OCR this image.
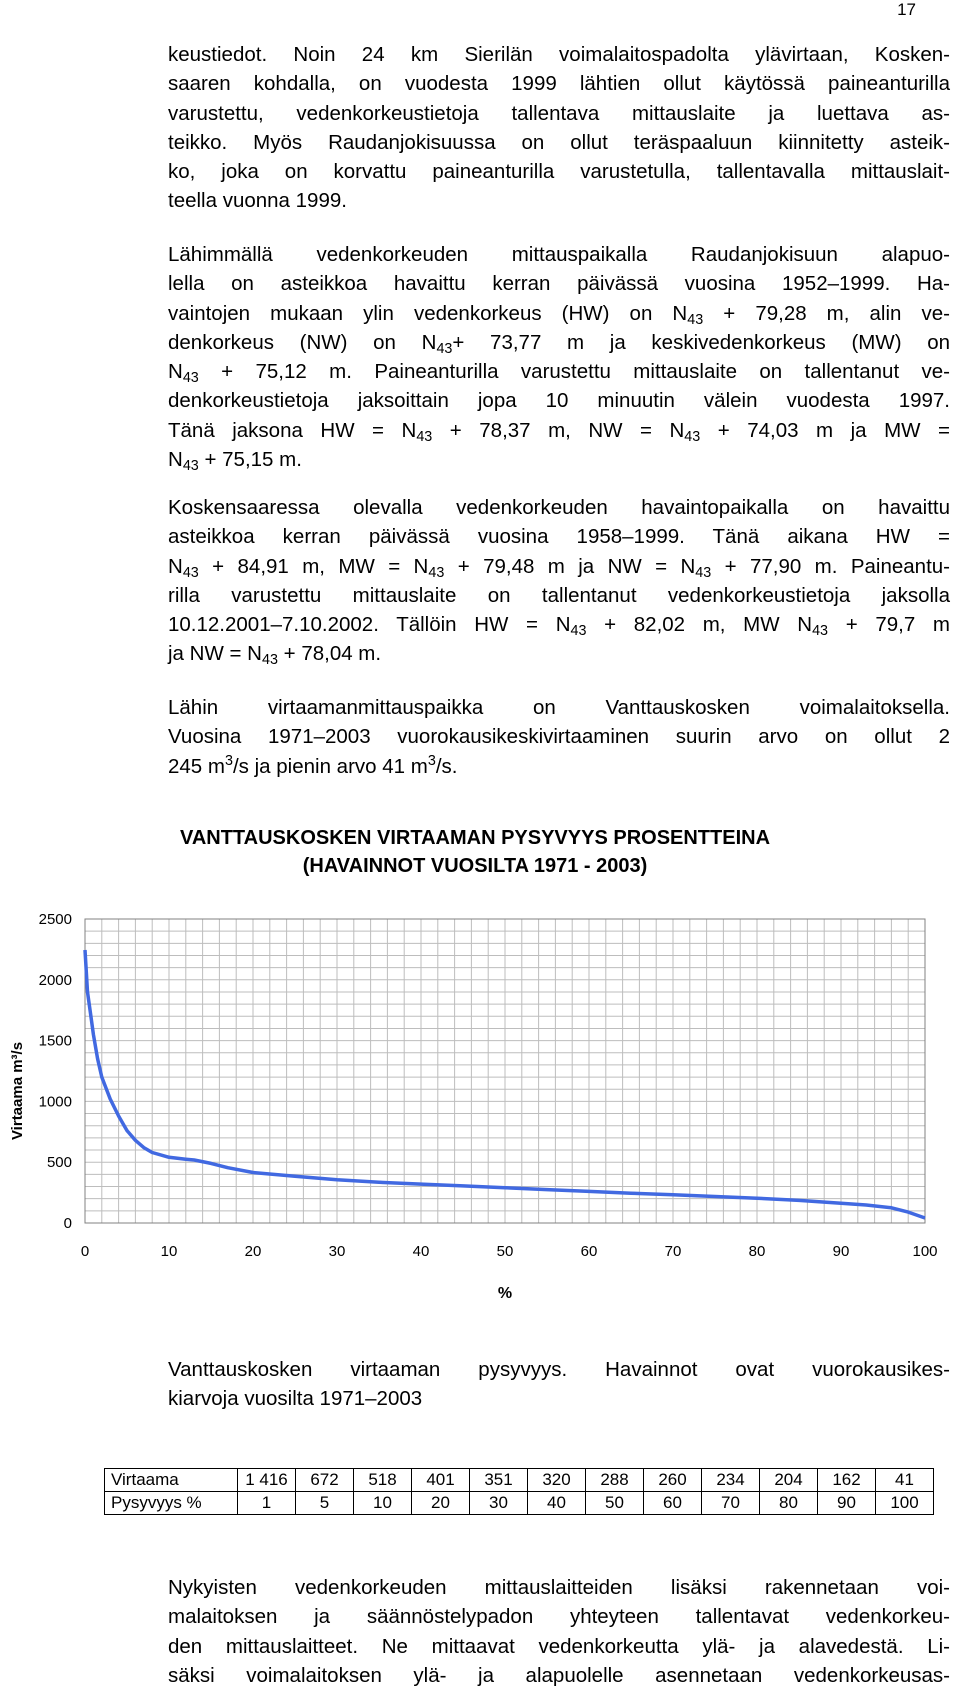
17
keustiedot. Noin 24 km Sierilän voimalaitospadolta ylävirtaan, Kosken-
saaren kohdalla, on vuodesta 1999 lähtien ollut käytössä paineanturilla
varustettu, vedenkorkeustietoja tallentava mittauslaite ja luettava as-
teikko. Myös Raudanjokisuussa on ollut teräspaaluun kiinnitetty asteik-
ko, joka on korvattu paineanturilla varustetulla, tallentavalla mittauslait-
teella vuonna 1999.
Lähimmällä vedenkorkeuden mittauspaikalla Raudanjokisuun alapuo-
lella on asteikkoa havaittu kerran päivässä vuosina 1952–1999. Ha-
vaintojen mukaan ylin vedenkorkeus (HW) on $N_{43} + 79,28$ m, alin ve-
denkorkeus (NW) on $N_{43}+ 73,77$ m ja keskivedenkorkeus (MW) on
$N_{43} + 75,12$ m. Paineanturilla varustettu mittauslaite on tallentanut ve-
denkorkeustietoja jaksoittain jopa 10 minuutin välein vuodesta 1997.
Tänä jaksona HW = $N_{43} + 78,37$ m, NW = $N_{43} + 74,03$ m ja MW =
$N_{43} + 75,15$ m.
Koskensaaressa olevalla vedenkorkeuden havaintopaikalla on havaittu
asteikkoa kerran päivässä vuosina 1958–1999. Tänä aikana HW =
$N_{43} + 84,91$ m, MW = $N_{43} + 79,48$ m ja NW = $N_{43} + 77,90$ m. Paineantu-
rilla varustettu mittauslaite on tallentanut vedenkorkeustietoja jaksolla
10.12.2001–7.10.2002. Tällöin HW = $N_{43} + 82,02$ m, MW $N_{43} + 79,7$ m
ja NW = $N_{43} + 78,04$ m.
Lähin virtaamanmittauspaikka on Vanttauskosken voimalaitoksella.
Vuosina 1971–2003 vuorokausikeskivirtaaminen suurin arvo on ollut 2
245 $m^3/s$ ja pienin arvo 41 $m^3/s$.
VANTTAUSKOSKEN VIRTAAMAN PYSYVYYS PROSENTTEINA
(HAVAINNOT VUOSILTA 1971 - 2003)
0
500
1000
1500
2000
2500
0	10	20	30	40	50	60	70	80	90	100
%
Virtaama m³/s
Vanttauskosken virtaaman pysyvyys. Havainnot ovat vuorokausikes-
kiarvoja vuosilta 1971–2003
Virtaama	1 416	672	518	401	351	320	288	260	234	204	162	41
Pysyvyys %	1	5	10	20	30	40	50	60	70	80	90	100
Nykyisten vedenkorkeuden mittauslaitteiden lisäksi rakennetaan voi-
malaitoksen ja säännöstelypadon yhteyteen tallentavat vedenkorkeu-
den mittauslaitteet. Ne mittaavat vedenkorkeutta ylä- ja alavedestä. Li-
säksi voimalaitoksen ylä- ja alapuolelle asennetaan vedenkorkeusas-
